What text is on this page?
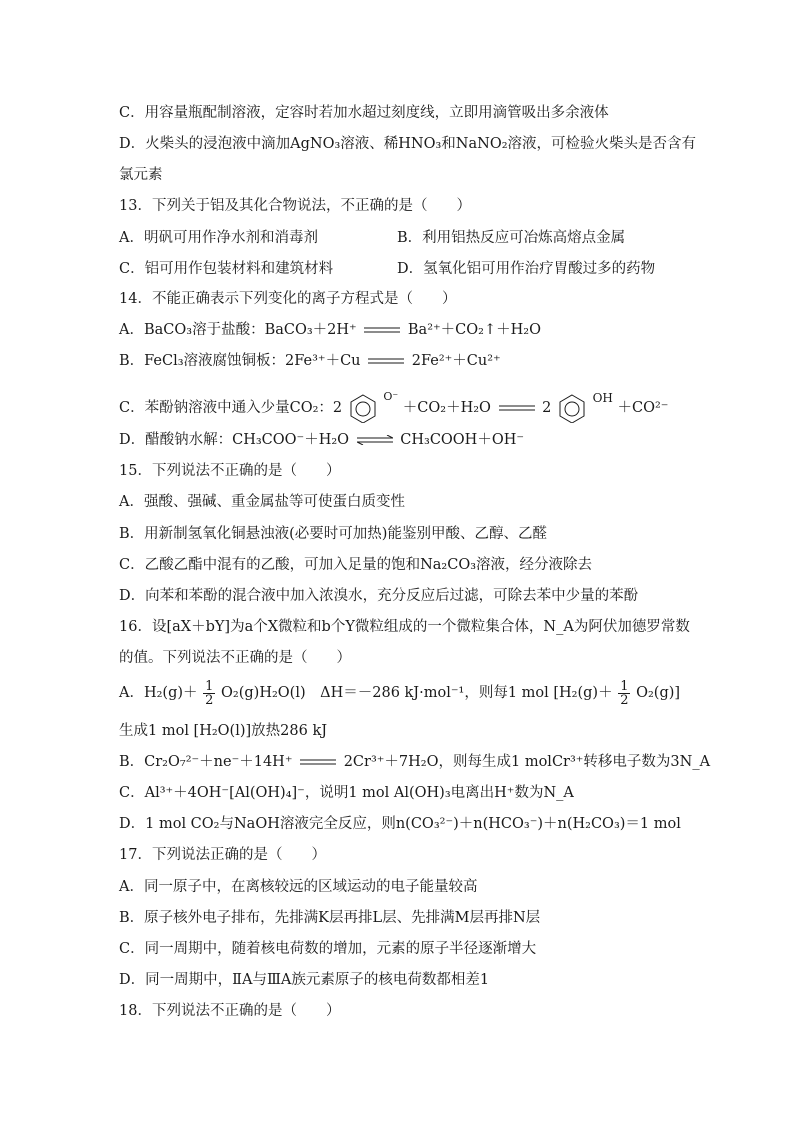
C．用容量瓶配制溶液，定容时若加水超过刻度线，立即用滴管吸出多余液体
D．火柴头的浸泡液中滴加AgNO₃溶液、稀HNO₃和NaNO₂溶液，可检验火柴头是否含有
氯元素
13．下列关于铝及其化合物说法，不正确的是（　　）
A．明矾可用作净水剂和消毒剂	B．利用铝热反应可冶炼高熔点金属
C．铝可用作包装材料和建筑材料	D．氢氧化铝可用作治疗胃酸过多的药物
14．不能正确表示下列变化的离子方程式是（　　）
A．BaCO₃溶于盐酸：BaCO₃＋2H⁺	Ba²⁺＋CO₂↑＋H₂O
B．FeCl₃溶液腐蚀铜板：2Fe³⁺＋Cu	2Fe²⁺＋Cu²⁺
C．苯酚钠溶液中通入少量CO₂：2  $^{O^-}$ ＋CO₂＋H₂O	2  $^{OH}$ ＋CO²⁻
D．醋酸钠水解：CH₃COO⁻＋H₂O ⇌ CH₃COOH＋OH⁻
15．下列说法不正确的是（　　）
A．强酸、强碱、重金属盐等可使蛋白质变性
B．用新制氢氧化铜悬浊液(必要时可加热)能鉴别甲酸、乙醇、乙醛
C．乙酸乙酯中混有的乙酸，可加入足量的饱和Na₂CO₃溶液，经分液除去
D．向苯和苯酚的混合液中加入浓溴水，充分反应后过滤，可除去苯中少量的苯酚
16．设[aX＋bY]为a个X微粒和b个Y微粒组成的一个微粒集合体，N_A为阿伏加德罗常数
的值。下列说法不正确的是（　　）
A．$H_2(g)+ \frac{1}{2} O_2(g)H_2O(l)$　ΔH＝－286 kJ·mol⁻¹，则每1 mol $[H_2(g)+ \frac{1}{2} O_2(g)]$
生成1 mol [H₂O(l)]放热286 kJ
B．Cr₂O₇²⁻＋ne⁻＋14H⁺	2Cr³⁺＋7H₂O，则每生成1 molCr³⁺转移电子数为3N_A
C．Al³⁺＋4OH⁻[Al(OH)₄]⁻，说明1 mol Al(OH)₃电离出H⁺数为N_A
D．1 mol CO₂与NaOH溶液完全反应，则n(CO₃²⁻)＋n(HCO₃⁻)＋n(H₂CO₃)＝1 mol
17．下列说法正确的是（　　）
A．同一原子中，在离核较远的区域运动的电子能量较高
B．原子核外电子排布，先排满K层再排L层、先排满M层再排N层
C．同一周期中，随着核电荷数的增加，元素的原子半径逐渐增大
D．同一周期中，ⅡA与ⅢA族元素原子的核电荷数都相差1
18．下列说法不正确的是（　　）
